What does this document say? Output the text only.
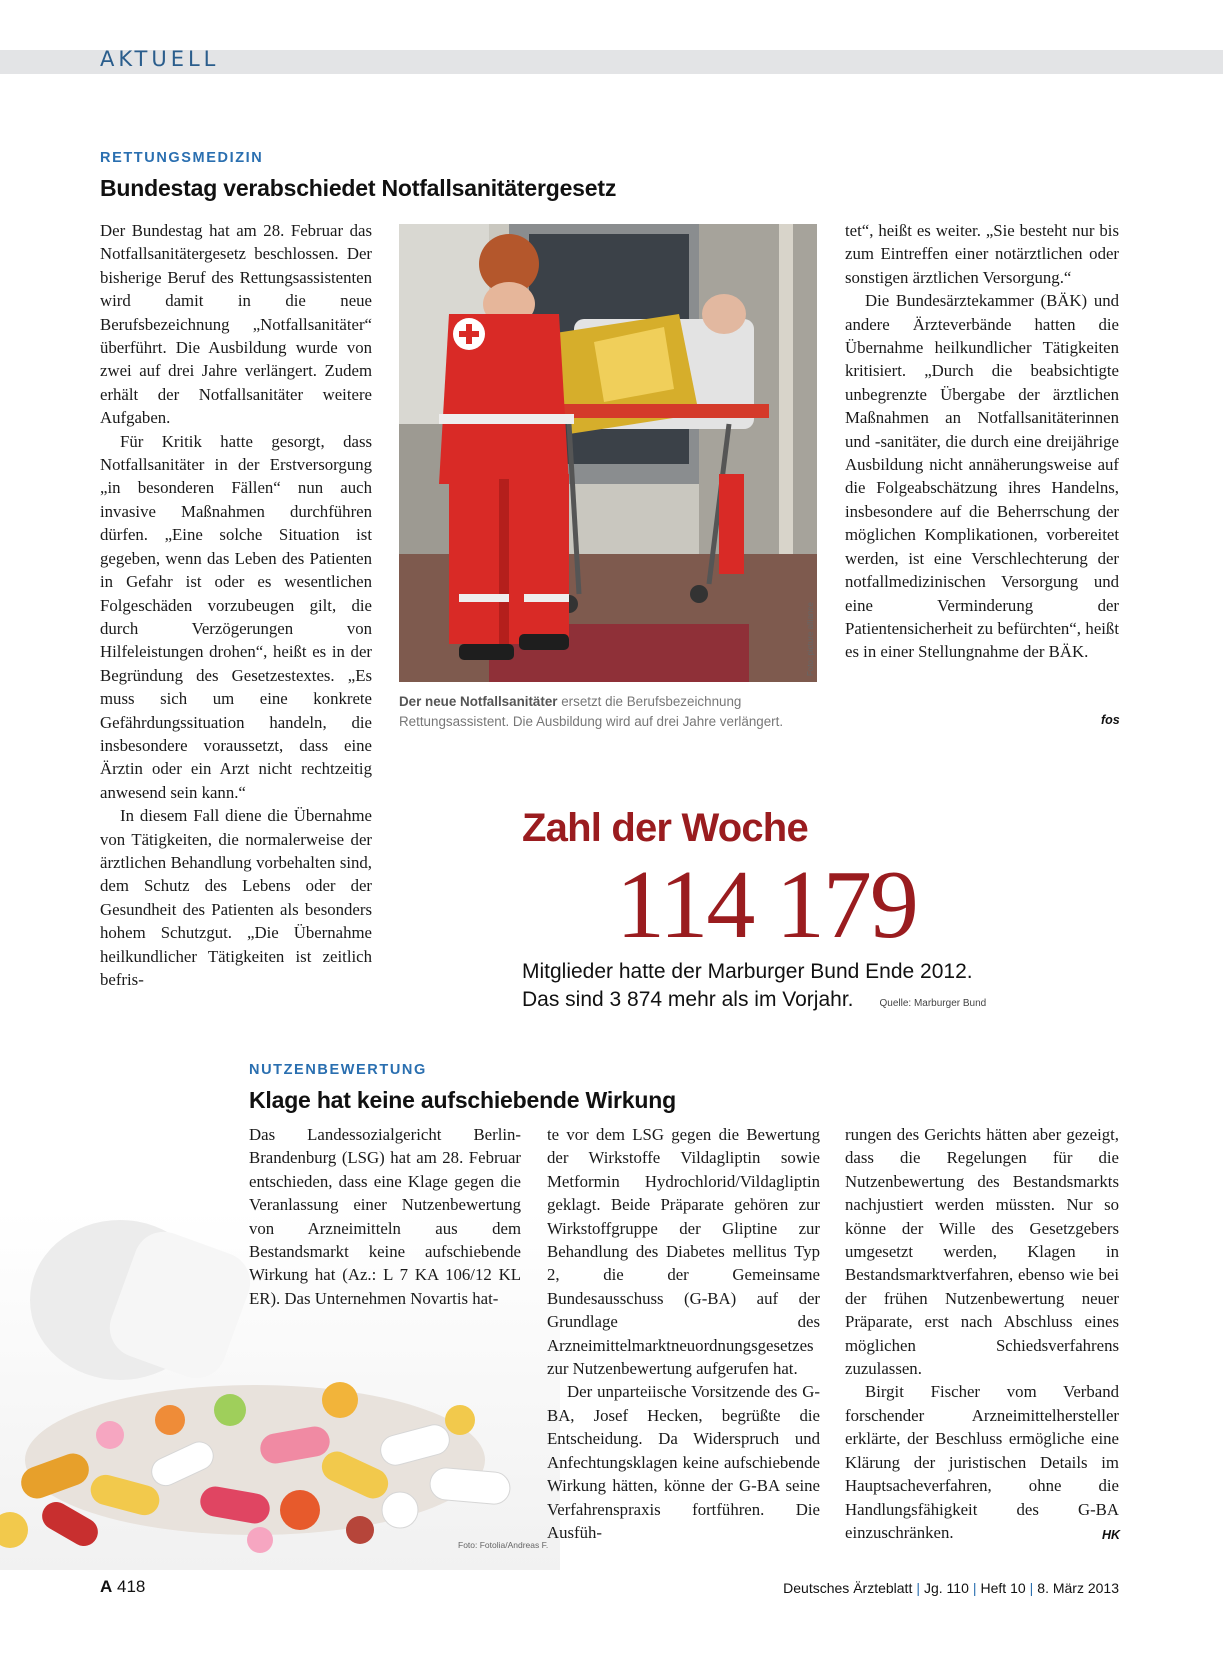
AKTUELL
RETTUNGSMEDIZIN
Bundestag verabschiedet Notfallsanitätergesetz

Der Bundestag hat am 28. Februar das Notfallsanitätergesetz beschlossen. Der bisherige Beruf des Rettungsassistenten wird damit in die neue Berufsbezeichnung „Notfallsanitäter“ überführt. Die Ausbildung wurde von zwei auf drei Jahre verlängert. Zudem erhält der Notfallsanitäter weitere Aufgaben.

Für Kritik hatte gesorgt, dass Notfallsanitäter in der Erstversorgung „in besonderen Fällen“ nun auch invasive Maßnahmen durchführen dürfen. „Eine solche Situation ist gegeben, wenn das Leben des Patienten in Gefahr ist oder es wesentlichen Folgeschäden vorzubeugen gilt, die durch Verzögerungen von Hilfeleistungen drohen“, heißt es in der Begründung des Gesetzestextes. „Es muss sich um eine konkrete Gefährdungssituation handeln, die insbesondere voraussetzt, dass eine Ärztin oder ein Arzt nicht rechtzeitig anwesend sein kann.“

In diesem Fall diene die Übernahme von Tätigkeiten, die normalerweise der ärztlichen Behandlung vorbehalten sind, dem Schutz des Lebens oder der Gesundheit des Patienten als besonders hohem Schutzgut. „Die Übernahme heilkundlicher Tätigkeiten ist zeitlich befris-

Foto: picture alliance
Der neue Notfallsanitäter ersetzt die Berufsbezeichnung Rettungsassistent. Die Ausbildung wird auf drei Jahre verlängert.

tet“, heißt es weiter. „Sie besteht nur bis zum Eintreffen einer notärztlichen oder sonstigen ärztlichen Versorgung.“

Die Bundesärztekammer (BÄK) und andere Ärzteverbände hatten die Übernahme heilkundlicher Tätigkeiten kritisiert. „Durch die beabsichtigte unbegrenzte Übergabe der ärztlichen Maßnahmen an Notfallsanitäterinnen und -sanitäter, die durch eine dreijährige Ausbildung nicht annäherungsweise auf die Folgeabschätzung ihres Handelns, insbesondere auf die Beherrschung der möglichen Komplikationen, vorbereitet werden, ist eine Verschlechterung der notfallmedizinischen Versorgung und eine Verminderung der Patientensicherheit zu befürchten“, heißt es in einer Stellungnahme der BÄK.

fos
Zahl der Woche
114 179
Mitglieder hatte der Marburger Bund Ende 2012.
Das sind 3 874 mehr als im Vorjahr.	Quelle: Marburger Bund
NUTZENBEWERTUNG
Klage hat keine aufschiebende Wirkung
Foto: Fotolia/Andreas F.

Das Landessozialgericht Berlin-Brandenburg (LSG) hat am 28. Februar entschieden, dass eine Klage gegen die Veranlassung einer Nutzenbewertung von Arzneimitteln aus dem Bestandsmarkt keine aufschiebende Wirkung hat (Az.: L 7 KA 106/12 KL ER). Das Unternehmen Novartis hat-

te vor dem LSG gegen die Bewertung der Wirkstoffe Vildagliptin sowie Metformin Hydrochlorid/Vildagliptin geklagt. Beide Präparate gehören zur Wirkstoffgruppe der Gliptine zur Behandlung des Diabetes mellitus Typ 2, die der Gemeinsame Bundesausschuss (G-BA) auf der Grundlage des Arzneimittelmarktneuordnungsgesetzes zur Nutzenbewertung aufgerufen hat.

Der unparteiische Vorsitzende des G-BA, Josef Hecken, begrüßte die Entscheidung. Da Widerspruch und Anfechtungsklagen keine aufschiebende Wirkung hätten, könne der G-BA seine Verfahrenspraxis fortführen. Die Ausfüh-

rungen des Gerichts hätten aber gezeigt, dass die Regelungen für die Nutzenbewertung des Bestandsmarkts nachjustiert werden müssten. Nur so könne der Wille des Gesetzgebers umgesetzt werden, Klagen in Bestandsmarktverfahren, ebenso wie bei der frühen Nutzenbewertung neuer Präparate, erst nach Abschluss eines möglichen Schiedsverfahrens zuzulassen.

Birgit Fischer vom Verband forschender Arzneimittelhersteller erklärte, der Beschluss ermögliche eine Klärung der juristischen Details im Hauptsacheverfahren, ohne die Handlungsfähigkeit des G-BA einzuschränken.	HK
A 418	Deutsches Ärzteblatt | Jg. 110 | Heft 10 | 8. März 2013
